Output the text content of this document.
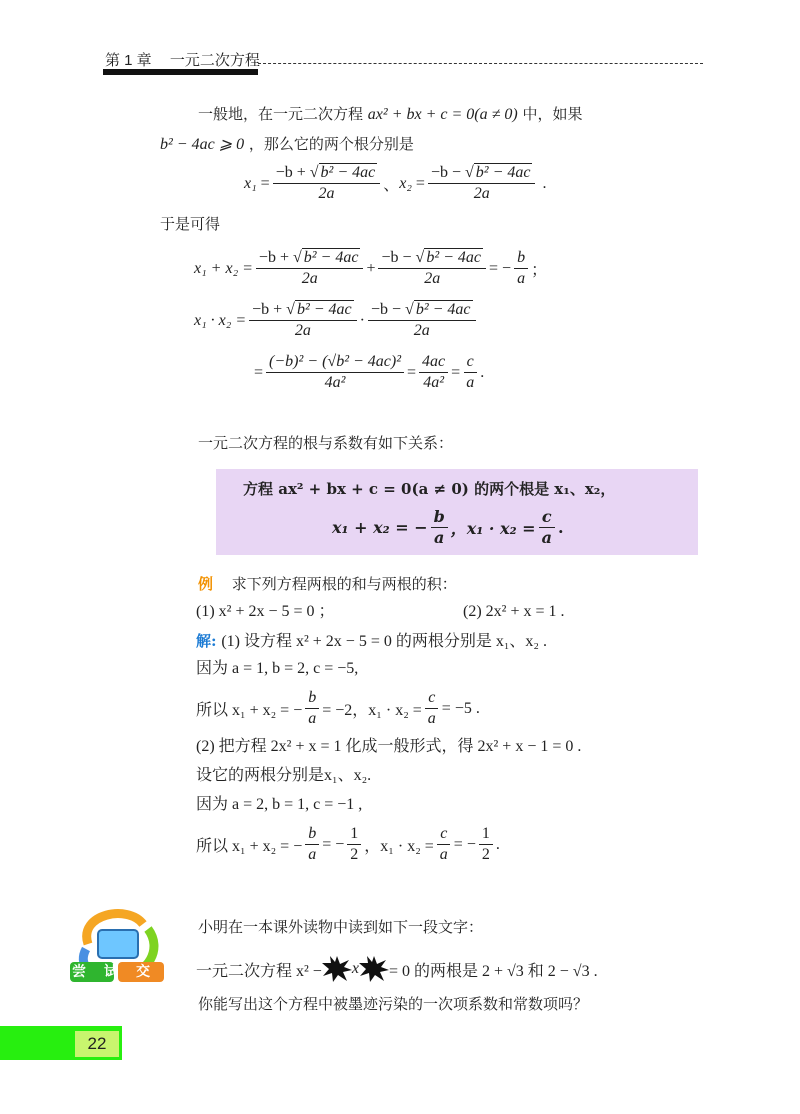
第 1 章 一元二次方程
一般地，在一元二次方程 ax² + bx + c = 0(a ≠ 0) 中，如果
b² − 4ac ⩾ 0 ，那么它的两个根分别是
$x_1 = \frac{\text{−b + √ b² − 4ac}}{2a}$ 、 $x_2 = \frac{\text{−b − √ b² − 4ac}}{2a}$ .
于是可得
$x_1 + x_2 = \frac{\text{−b + √ b² − 4ac}}{2a} + \frac{\text{−b − √ b² − 4ac}}{2a}$ = − $\frac{b}{a}$ ；
$x_1 \cdot x_2 = \frac{\text{−b + √ b² − 4ac}}{2a} \cdot \frac{\text{−b − √ b² − 4ac}}{2a}$
= $\frac{\text{(−b)² − (√b² − 4ac)²}}{\text{4a²}} = \frac{4ac}{\text{4a²}} = \frac{c}{a}$ .
一元二次方程的根与系数有如下关系：
方程 ax² + bx + c = 0(a ≠ 0) 的两个根是 x₁、x₂，
x₁ + x₂ = − $\frac{b}{a}$ ，$x_1 \cdot x_2 = \frac{c}{a}$ .
例 求下列方程两根的和与两根的积：
(1) x² + 2x − 5 = 0 ；	(2) 2x² + x = 1 .
解: (1) 设方程 x² + 2x − 5 = 0 的两根分别是 x₁、x₂ .
因为 a = 1, b = 2, c = −5,
所以 x₁ + x₂ = − $\frac{b}{a} = -2$，$x_1 \cdot x_2 = \frac{c}{a} = -5$ .
(2) 把方程 2x² + x = 1 化成一般形式，得 2x² + x − 1 = 0 .
设它的两根分别是x₁、x₂.
因为 a = 2, b = 1, c = −1 ,
所以 x₁ + x₂ = − $\frac{b}{a}$ = − $\frac{1}{2}$ ，$x_1 \cdot x_2 = \frac{c}{a}$ = − $\frac{1}{2}$ .
尝试交流
小明在一本课外读物中读到如下一段文字：
一元二次方程 x² − x = 0 的两根是 2 + √3 和 2 − √3 .
你能写出这个方程中被墨迹污染的一次项系数和常数项吗？
22
